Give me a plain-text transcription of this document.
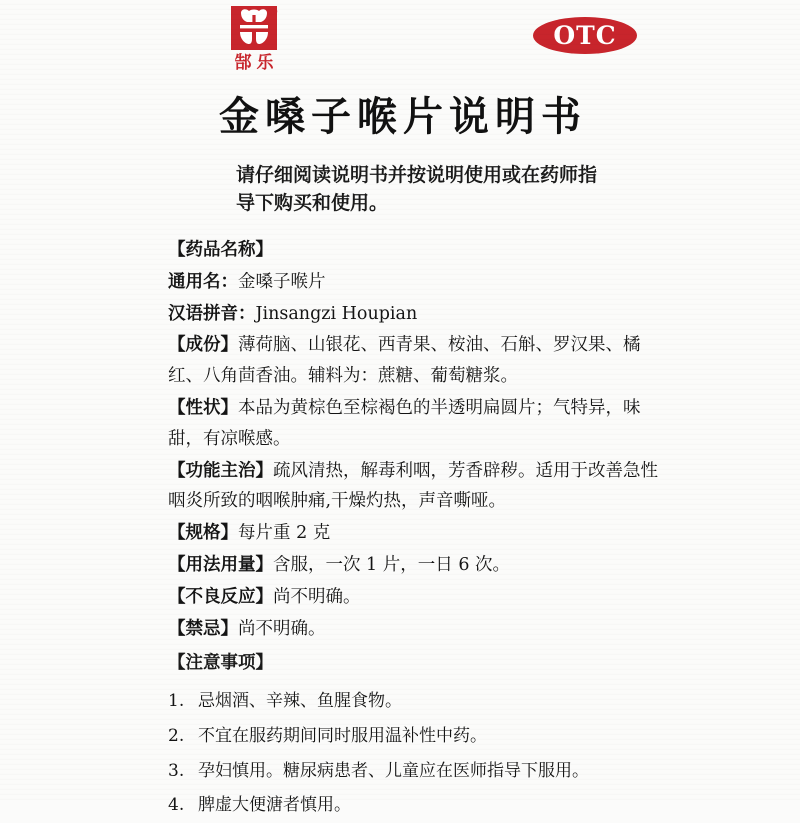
®
郜乐
OTC
金嗓子喉片说明书
请仔细阅读说明书并按说明使用或在药师指导下购买和使用。

【药品名称】

通用名：金嗓子喉片

汉语拼音：Jinsangzi Houpian

【成份】薄荷脑、山银花、西青果、桉油、石斛、罗汉果、橘红、八角茴香油。辅料为：蔗糖、葡萄糖浆。

【性状】本品为黄棕色至棕褐色的半透明扁圆片；气特异，味甜，有凉喉感。

【功能主治】疏风清热，解毒利咽，芳香辟秽。适用于改善急性咽炎所致的咽喉肿痛,干燥灼热，声音嘶哑。

【规格】每片重 2 克

【用法用量】含服，一次 1 片，一日 6 次。

【不良反应】尚不明确。

【禁忌】尚不明确。

【注意事项】
1. 忌烟酒、辛辣、鱼腥食物。
2. 不宜在服药期间同时服用温补性中药。
3. 孕妇慎用。糖尿病患者、儿童应在医师指导下服用。
4. 脾虚大便溏者慎用。
